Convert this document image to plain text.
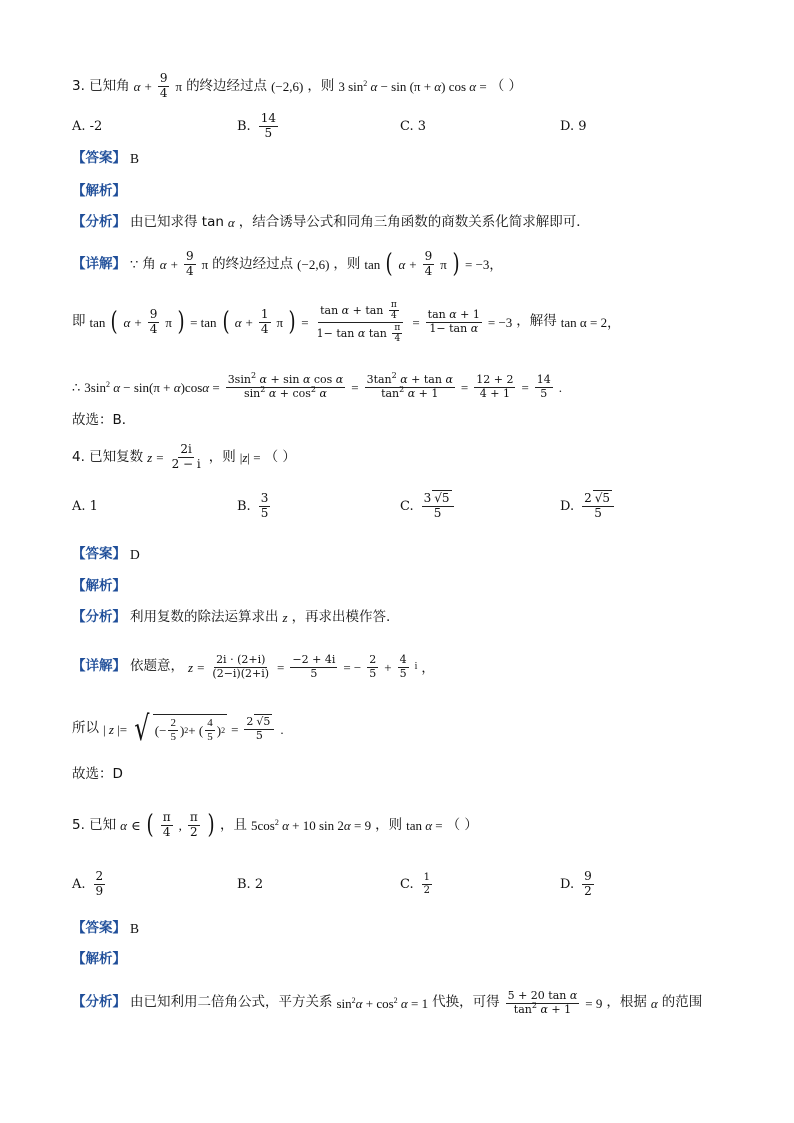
3. 已知角 $\alpha + \frac{9}{4}$ π 的终边经过点 (−2,6) ，则 3 $\sin^2 \alpha - \sin (\pi + \alpha)$ cos α = （ ）
A. -2	B. $\frac{14}{5}$	C. 3	D. 9
【答案】 B
【解析】
【分析】 由已知求得 tan α ，结合诱导公式和同角三角函数的商数关系化简求解即可．
【详解】 ∵ 角 $\alpha + \frac{9}{4}$ π 的终边经过点 (−2,6) ，则 tan ( $\alpha + \frac{9}{4}$ π ) = −3，
即 tan ( $\alpha + \frac{9}{4}$ π ) = tan ( $\alpha + \frac{1}{4}$ π ) = $\frac{\tan \alpha + \tan \frac{\pi}{4}}{1- \tan \alpha \tan \frac{\pi}{4}} = \frac{\text{tan α + 1}}{\text{1− tan α}} = -3$ ，解得 tan α = 2，
∴ $3\sin^2$ $\alpha - \sin(\pi + \alpha)\cos\alpha = \frac{3\sin^2 \alpha + \sin \alpha \cos \alpha}{\sin^2 \alpha + \cos^2 \alpha} = \frac{3\tan^2 \alpha + \tan \alpha}{\tan^2 \alpha + 1} = \frac{12 + 2}{4 + 1} = \frac{14}{5}$ .
故选：B．
4. 已知复数 $z = \frac{2i}{2 - i}$ ，则 |z| = （ ）
A. 1	B. $\frac{3}{5}$	C. $\frac{3 √5}{5}$	D. $\frac{2 √5}{5}$
【答案】 D
【解析】
【分析】 利用复数的除法运算求出 z ，再求出模作答.
【详解】 依题意， $z = \frac{2i \cdot (2+i)}{(2-i)(2+i)} = \frac{-2 + 4i}{5}$ = − $\frac{2}{5} + \frac{4}{5}$ i ，
所以 | z |= √ (− $\frac{2}{5}$ ) 2 + ( $\frac{4}{5}$ ) $2 = \frac{2 √5}{5}$ .
故选：D
5. 已知 α ∈ ( $\frac{\pi}{4}$ , $\frac{\pi}{2}$ ) ，且 $5\cos^2$ α + 10 sin 2α = 9 ，则 tan α = （ ）
A. $\frac{2}{9}$	B. 2	C. $\frac{1}{2}$	D. $\frac{9}{2}$
【答案】 B
【解析】
【分析】 由已知利用二倍角公式，平方关系 $\sin^2\alpha + \cos^2 \alpha = 1$ 代换，可得 $\frac{\text{5 + 20 tan α}}{\tan^2 \alpha + 1} = 9$ ，根据 α 的范围
